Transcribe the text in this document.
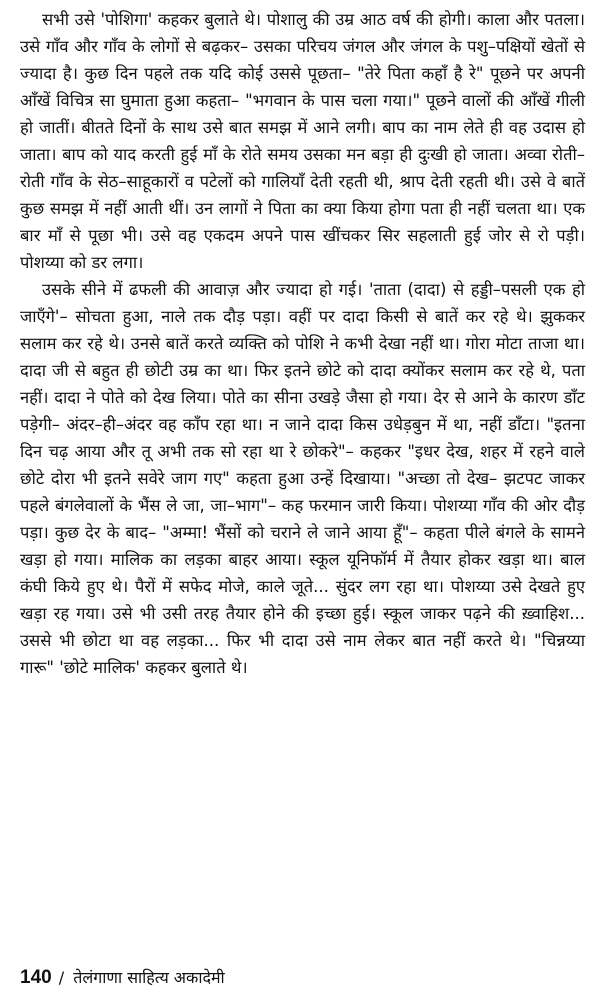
सभी उसे 'पोशिगा' कहकर बुलाते थे। पोशालु की उम्र आठ वर्ष की होगी। काला और पतला। उसे गाँव और गाँव के लोगों से बढ़कर– उसका परिचय जंगल और जंगल के पशु–पक्षियों खेतों से ज्यादा है। कुछ दिन पहले तक यदि कोई उससे पूछता– "तेरे पिता कहाँ है रे" पूछने पर अपनी आँखें विचित्र सा घुमाता हुआ कहता– "भगवान के पास चला गया।" पूछने वालों की आँखें गीली हो जातीं। बीतते दिनों के साथ उसे बात समझ में आने लगी। बाप का नाम लेते ही वह उदास हो जाता। बाप को याद करती हुई माँ के रोते समय उसका मन बड़ा ही दुःखी हो जाता। अव्वा रोती–रोती गाँव के सेठ–साहूकारों व पटेलों को गालियाँ देती रहती थी, श्राप देती रहती थी। उसे वे बातें कुछ समझ में नहीं आती थीं। उन लागों ने पिता का क्या किया होगा पता ही नहीं चलता था। एक बार माँ से पूछा भी। उसे वह एकदम अपने पास खींचकर सिर सहलाती हुई जोर से रो पड़ी। पोशय्या को डर लगा।

उसके सीने में ढफली की आवाज़ और ज्यादा हो गई। 'ताता (दादा) से हड्डी–पसली एक हो जाएँगे'– सोचता हुआ, नाले तक दौड़ पड़ा। वहीं पर दादा किसी से बातें कर रहे थे। झुककर सलाम कर रहे थे। उनसे बातें करते व्यक्ति को पोशि ने कभी देखा नहीं था। गोरा मोटा ताजा था। दादा जी से बहुत ही छोटी उम्र का था। फिर इतने छोटे को दादा क्योंकर सलाम कर रहे थे, पता नहीं। दादा ने पोते को देख लिया। पोते का सीना उखड़े जैसा हो गया। देर से आने के कारण डाँट पड़ेगी– अंदर–ही–अंदर वह काँप रहा था। न जाने दादा किस उधेड़बुन में था, नहीं डाँटा। "इतना दिन चढ़ आया और तू अभी तक सो रहा था रे छोकरे"– कहकर "इधर देख, शहर में रहने वाले छोटे दोरा भी इतने सवेरे जाग गए" कहता हुआ उन्हें दिखाया। "अच्छा तो देख– झटपट जाकर पहले बंगलेवालों के भैंस ले जा, जा–भाग"– कह फरमान जारी किया। पोशय्या गाँव की ओर दौड़ पड़ा। कुछ देर के बाद– "अम्मा! भैंसों को चराने ले जाने आया हूँ"– कहता पीले बंगले के सामने खड़ा हो गया। मालिक का लड़का बाहर आया। स्कूल यूनिफॉर्म में तैयार होकर खड़ा था। बाल कंघी किये हुए थे। पैरों में सफेद मोजे, काले जूते... सुंदर लग रहा था। पोशय्या उसे देखते हुए खड़ा रह गया। उसे भी उसी तरह तैयार होने की इच्छा हुई। स्कूल जाकर पढ़ने की ख़्वाहिश... उससे भी छोटा था वह लड़का... फिर भी दादा उसे नाम लेकर बात नहीं करते थे। "चिन्नय्या गारू" 'छोटे मालिक' कहकर बुलाते थे।

140 / तेलंगाणा साहित्य अकादेमी
